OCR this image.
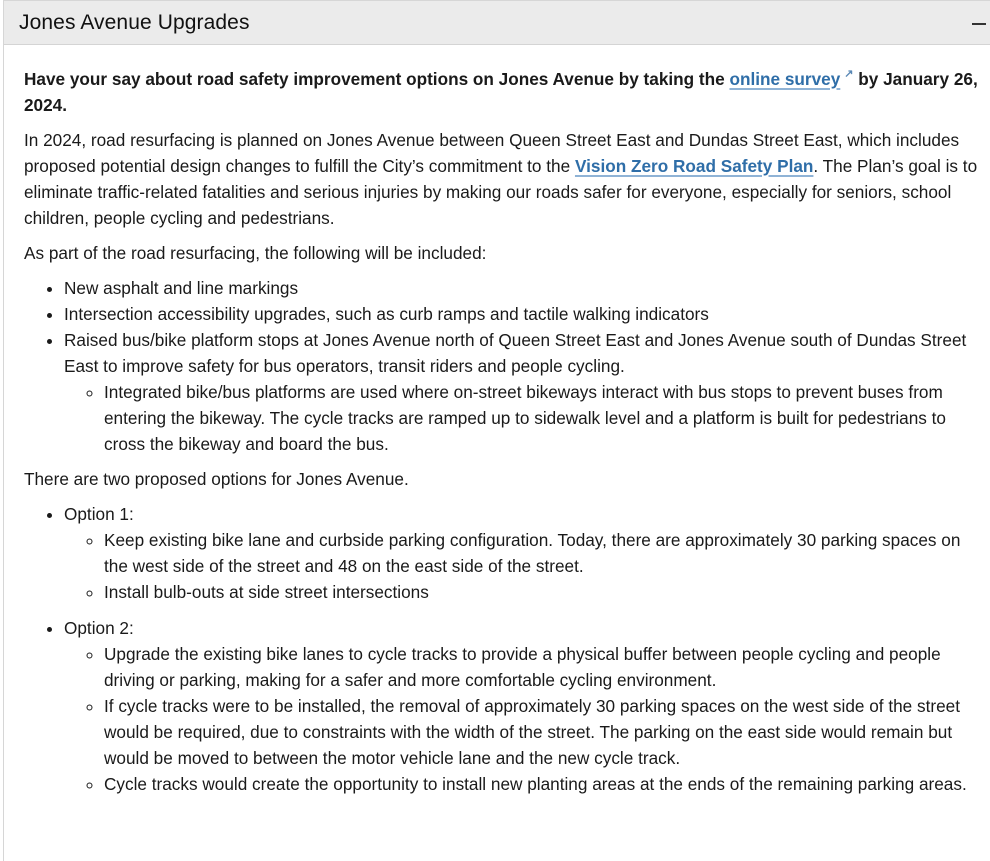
Jones Avenue Upgrades

Have your say about road safety improvement options on Jones Avenue by taking the online survey ↗ by January 26, 2024.

In 2024, road resurfacing is planned on Jones Avenue between Queen Street East and Dundas Street East, which includes proposed potential design changes to fulfill the City’s commitment to the Vision Zero Road Safety Plan. The Plan’s goal is to eliminate traffic-related fatalities and serious injuries by making our roads safer for everyone, especially for seniors, school children, people cycling and pedestrians.

As part of the road resurfacing, the following will be included:

• New asphalt and line markings
• Intersection accessibility upgrades, such as curb ramps and tactile walking indicators
• Raised bus/bike platform stops at Jones Avenue north of Queen Street East and Jones Avenue south of Dundas Street East to improve safety for bus operators, transit riders and people cycling.
◦ Integrated bike/bus platforms are used where on-street bikeways interact with bus stops to prevent buses from entering the bikeway. The cycle tracks are ramped up to sidewalk level and a platform is built for pedestrians to cross the bikeway and board the bus.

There are two proposed options for Jones Avenue.

• Option 1:
◦ Keep existing bike lane and curbside parking configuration. Today, there are approximately 30 parking spaces on the west side of the street and 48 on the east side of the street.
◦ Install bulb-outs at side street intersections
• Option 2:
◦ Upgrade the existing bike lanes to cycle tracks to provide a physical buffer between people cycling and people driving or parking, making for a safer and more comfortable cycling environment.
◦ If cycle tracks were to be installed, the removal of approximately 30 parking spaces on the west side of the street would be required, due to constraints with the width of the street. The parking on the east side would remain but would be moved to between the motor vehicle lane and the new cycle track.
◦ Cycle tracks would create the opportunity to install new planting areas at the ends of the remaining parking areas.
